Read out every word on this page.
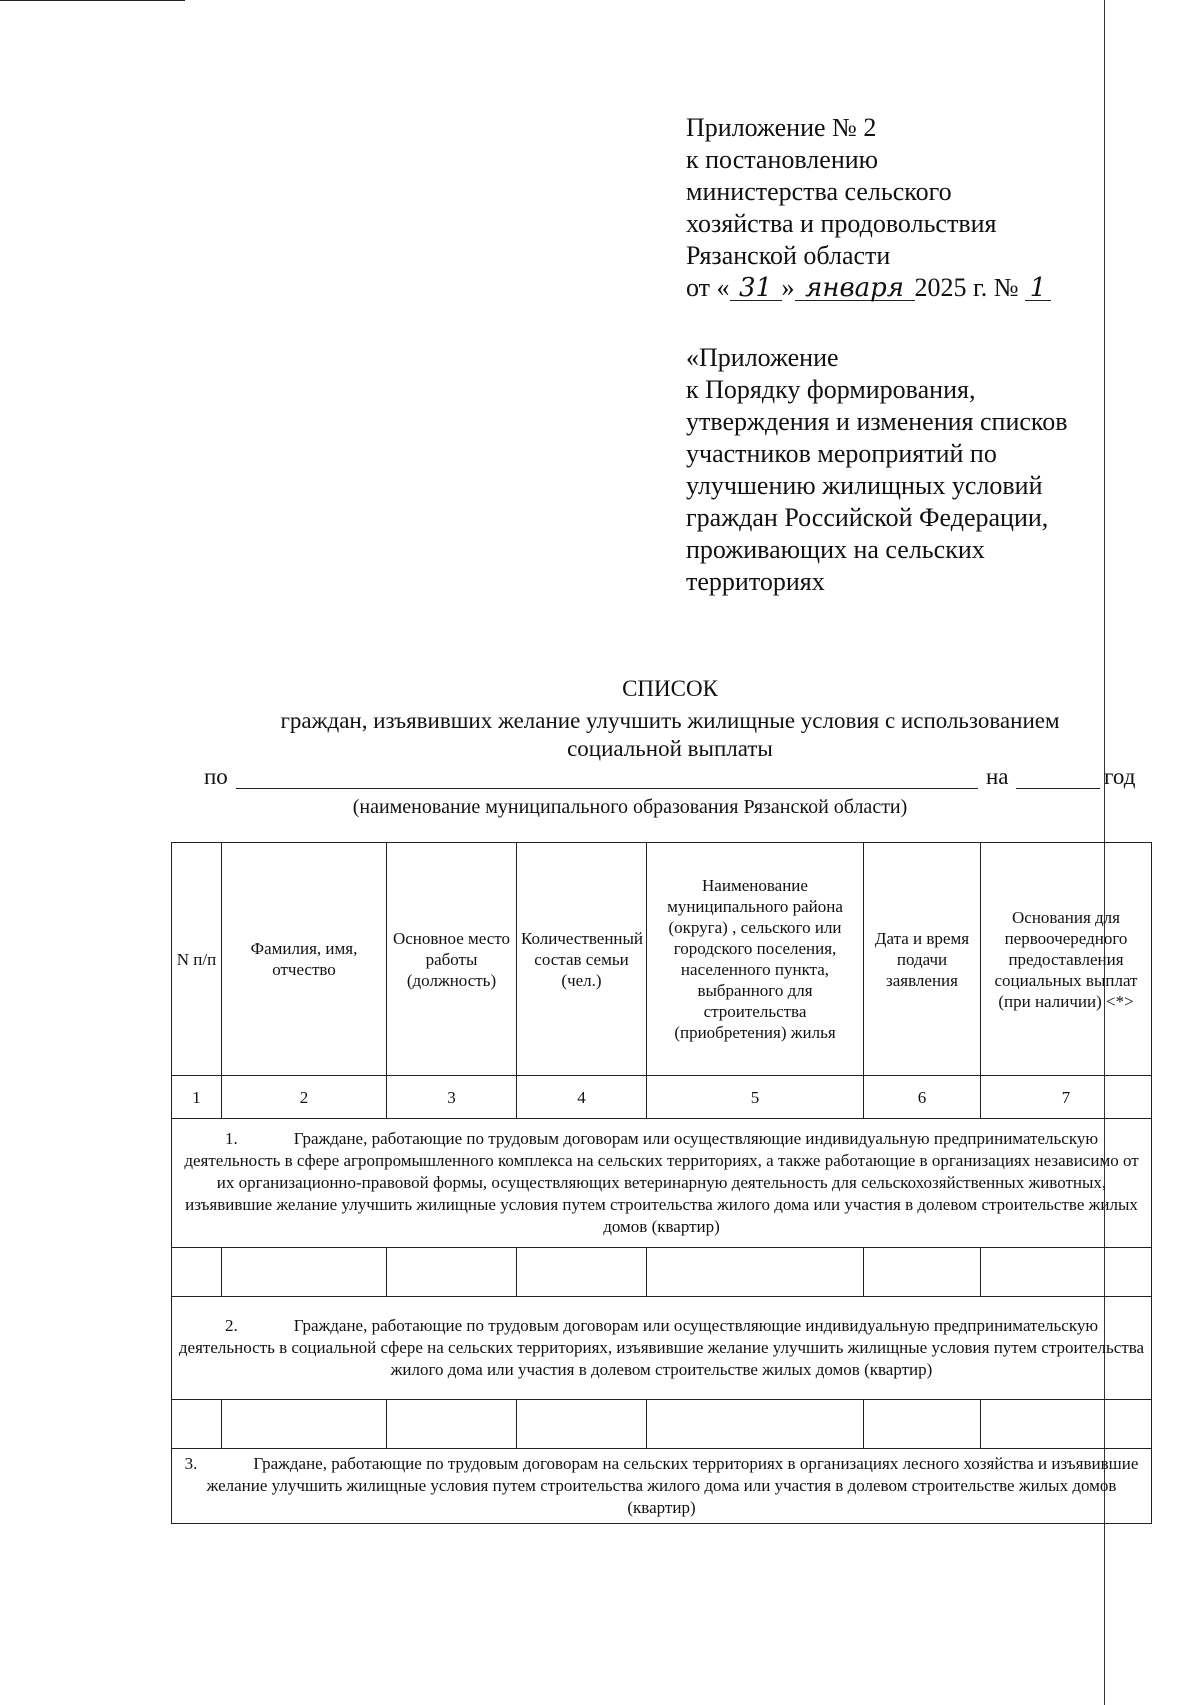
Приложение № 2
к постановлению
министерства сельского
хозяйства и продовольствия
Рязанской области
от « 31 » января 2025 г. № 1
«Приложение
к Порядку формирования,
утверждения и изменения списков
участников мероприятий по
улучшению жилищных условий
граждан Российской Федерации,
проживающих на сельских
территориях
СПИСОК
граждан, изъявивших желание улучшить жилищные условия с использованием
социальной выплаты
по	на	год
(наименование муниципального образования Рязанской области)
N п/п	Фамилия, имя, отчество	Основное место работы (должность)	Количественный состав семьи (чел.)	Наименование муниципального района (округа) , сельского или городского поселения, населенного пункта, выбранного для строительства (приобретения) жилья	Дата и время подачи заявления	Основания для первоочередного предоставления социальных выплат (при наличии) <*>
1	2	3	4	5	6	7
1. Граждане, работающие по трудовым договорам или осуществляющие индивидуальную предпринимательскую деятельность в сфере агропромышленного комплекса на сельских территориях, а также работающие в организациях независимо от их организационно-правовой формы, осуществляющих ветеринарную деятельность для сельскохозяйственных животных, изъявившие желание улучшить жилищные условия путем строительства жилого дома или участия в долевом строительстве жилых домов (квартир)						

2. Граждане, работающие по трудовым договорам или осуществляющие индивидуальную предпринимательскую деятельность в социальной сфере на сельских территориях, изъявившие желание улучшить жилищные условия путем строительства жилого дома или участия в долевом строительстве жилых домов (квартир)						

3. Граждане, работающие по трудовым договорам на сельских территориях в организациях лесного хозяйства и изъявившие желание улучшить жилищные условия путем строительства жилого дома или участия в долевом строительстве жилых домов (квартир)						
